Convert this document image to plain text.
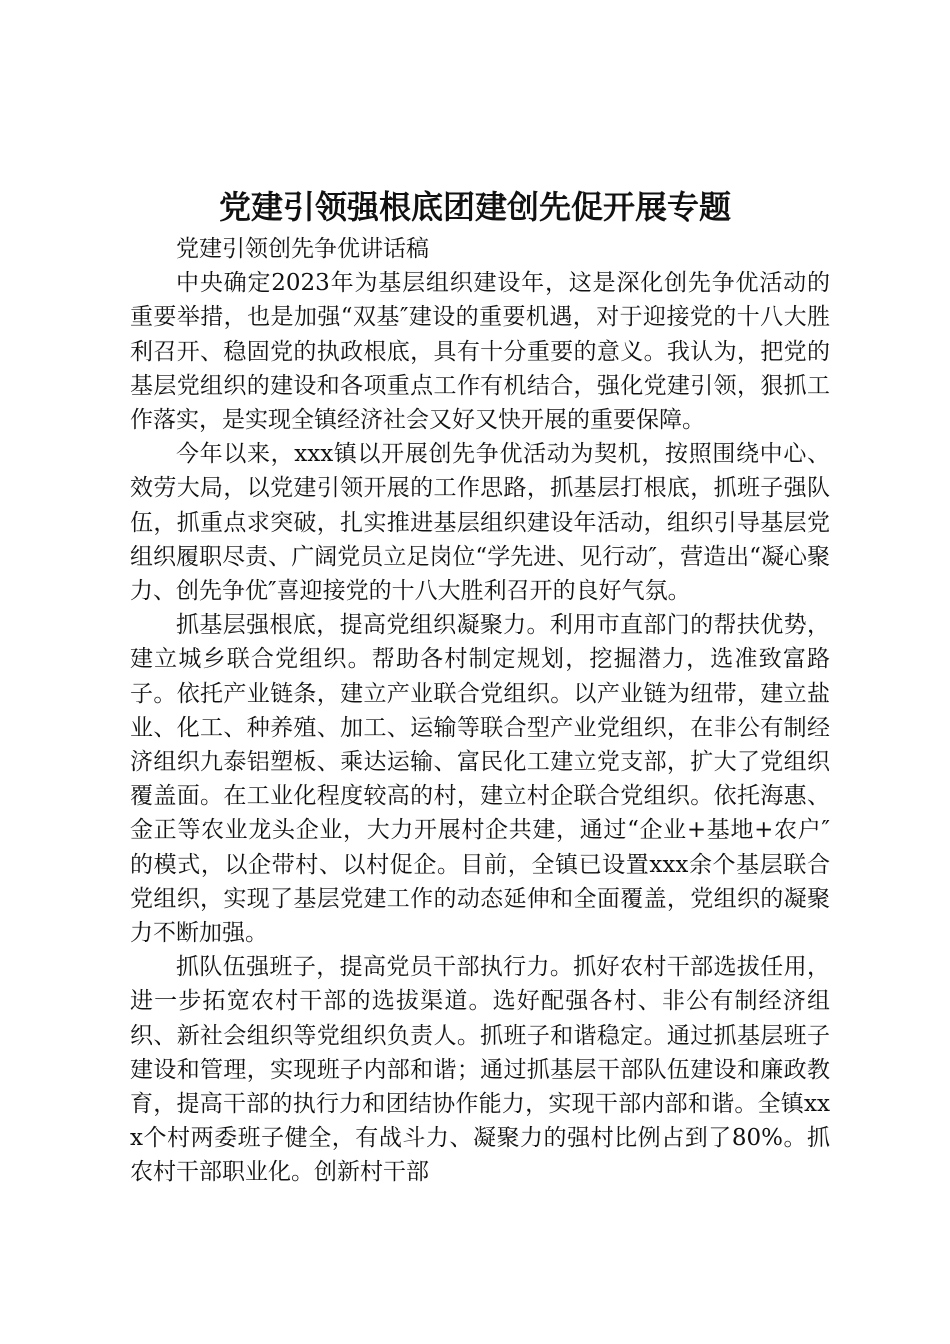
党建引领强根底团建创先促开展专题

党建引领创先争优讲话稿

中央确定2023年为基层组织建设年，这是深化创先争优活动的重要举措，也是加强“双基″建设的重要机遇，对于迎接党的十八大胜利召开、稳固党的执政根底，具有十分重要的意义。我认为，把党的基层党组织的建设和各项重点工作有机结合，强化党建引领，狠抓工作落实，是实现全镇经济社会又好又快开展的重要保障。

今年以来，xxx镇以开展创先争优活动为契机，按照围绕中心、效劳大局，以党建引领开展的工作思路，抓基层打根底，抓班子强队伍，抓重点求突破，扎实推进基层组织建设年活动，组织引导基层党组织履职尽责、广阔党员立足岗位“学先进、见行动″，营造出“凝心聚力、创先争优″喜迎接党的十八大胜利召开的良好气氛。

抓基层强根底，提高党组织凝聚力。利用市直部门的帮扶优势，建立城乡联合党组织。帮助各村制定规划，挖掘潜力，选准致富路子。依托产业链条，建立产业联合党组织。以产业链为纽带，建立盐业、化工、种养殖、加工、运输等联合型产业党组织，在非公有制经济组织九泰铝塑板、乘达运输、富民化工建立党支部，扩大了党组织覆盖面。在工业化程度较高的村，建立村企联合党组织。依托海惠、金正等农业龙头企业，大力开展村企共建，通过“企业+基地+农户″的模式，以企带村、以村促企。目前，全镇已设置xxx余个基层联合党组织，实现了基层党建工作的动态延伸和全面覆盖，党组织的凝聚力不断加强。

抓队伍强班子，提高党员干部执行力。抓好农村干部选拔任用，进一步拓宽农村干部的选拔渠道。选好配强各村、非公有制经济组织、新社会组织等党组织负责人。抓班子和谐稳定。通过抓基层班子建设和管理，实现班子内部和谐；通过抓基层干部队伍建设和廉政教育，提高干部的执行力和团结协作能力，实现干部内部和谐。全镇xxx个村两委班子健全，有战斗力、凝聚力的强村比例占到了80%。抓农村干部职业化。创新村干部
